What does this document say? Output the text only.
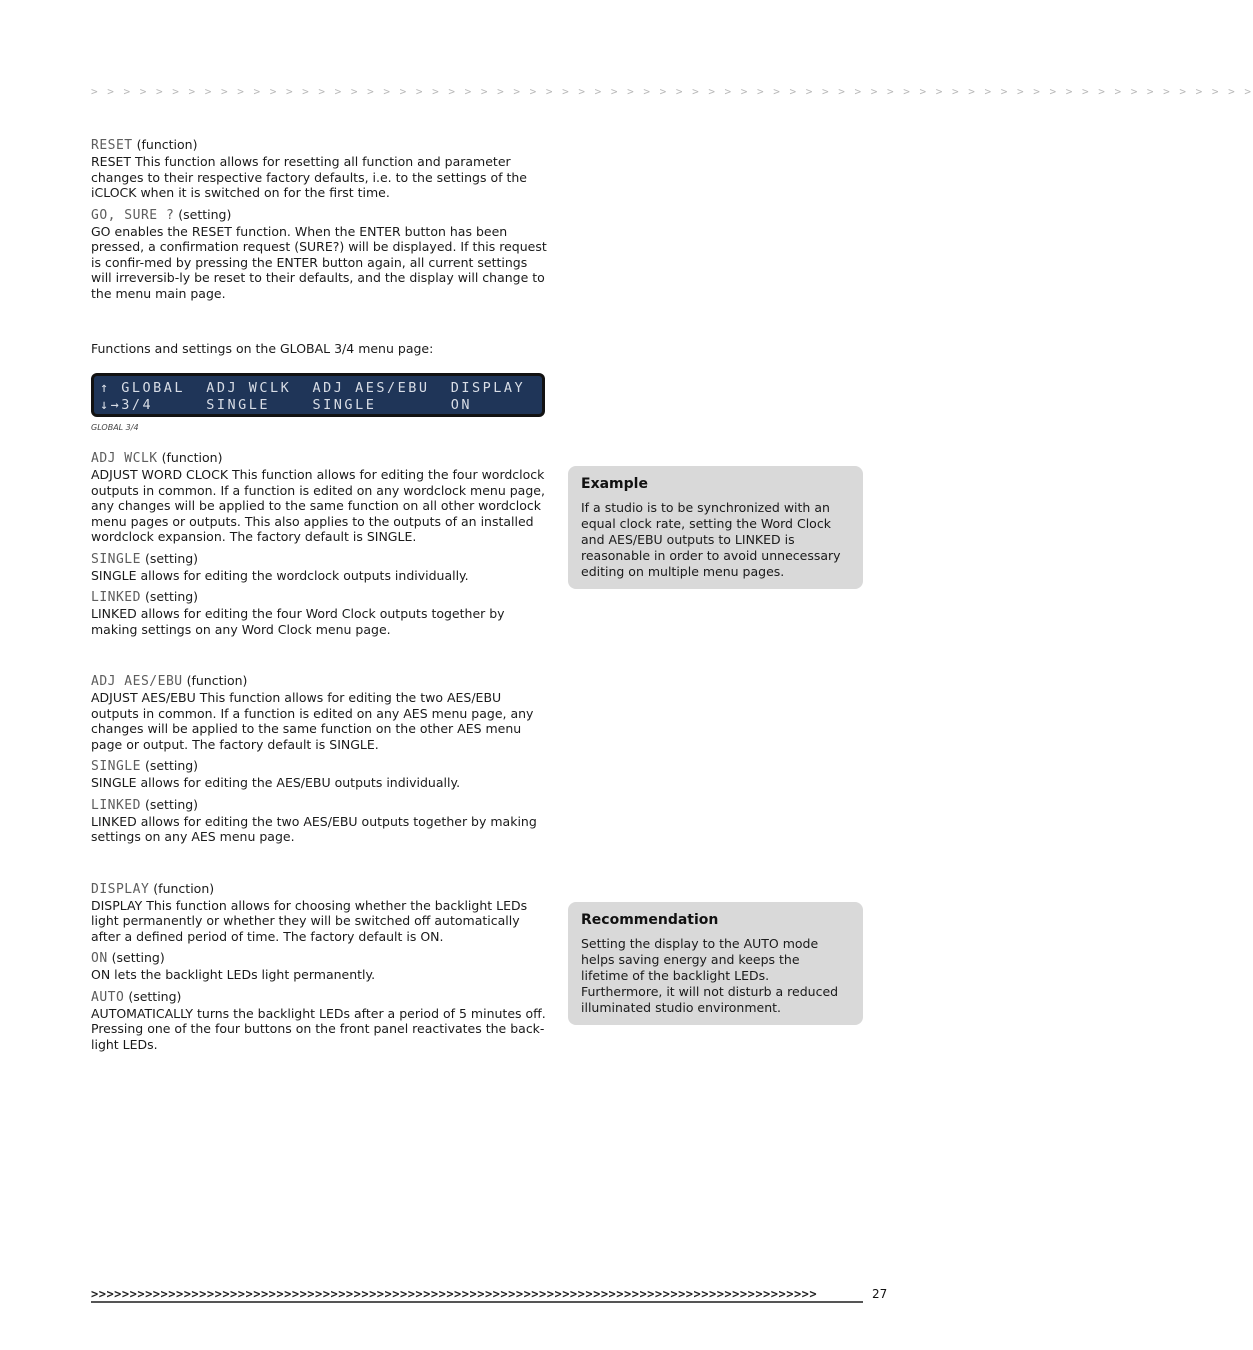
> > > > > > > > > > > > > > > > > > > > > > > > > > > > > > > > > > > > > > > > > > > > > > > > > > > > > > > > > > > > > > > > > > > > > > > >
RESET (function)

RESET This function allows for resetting all function and parameter changes to their respective factory defaults, i.e. to the settings of the iCLOCK when it is switched on for the first time.

GO, SURE ? (setting)

GO enables the RESET function. When the ENTER button has been pressed, a confirmation request (SURE?) will be displayed. If this request is confir-med by pressing the ENTER button again, all current settings will irreversib-ly be reset to their defaults, and the display will change to the menu main page.

Functions and settings on the GLOBAL 3/4 menu page:

↑ GLOBAL  ADJ WCLK  ADJ AES/EBU  DISPLAY
↓→3/4     SINGLE    SINGLE       ON
GLOBAL 3/4
ADJ WCLK (function)

ADJUST WORD CLOCK This function allows for editing the four wordclock outputs in common. If a function is edited on any wordclock menu page, any changes will be applied to the same function on all other wordclock menu pages or outputs. This also applies to the outputs of an installed wordclock expansion. The factory default is SINGLE.

SINGLE (setting)

SINGLE allows for editing the wordclock outputs individually.

LINKED (setting)

LINKED allows for editing the four Word Clock outputs together by making settings on any Word Clock menu page.

ADJ AES/EBU (function)

ADJUST AES/EBU This function allows for editing the two AES/EBU outputs in common. If a function is edited on any AES menu page, any changes will be applied to the same function on the other AES menu page or output. The factory default is SINGLE.

SINGLE (setting)

SINGLE allows for editing the AES/EBU outputs individually.

LINKED (setting)

LINKED allows for editing the two AES/EBU outputs together by making settings on any AES menu page.

DISPLAY (function)

DISPLAY This function allows for choosing whether the backlight LEDs light permanently or whether they will be switched off automatically after a defined period of time. The factory default is ON.

ON (setting)

ON lets the backlight LEDs light permanently.

AUTO (setting)

AUTOMATICALLY turns the backlight LEDs after a period of 5 minutes off. Pressing one of the four buttons on the front panel reactivates the back-light LEDs.

Example

If a studio is to be synchronized with an equal clock rate, setting the Word Clock and AES/EBU outputs to LINKED is reasonable in order to avoid unnecessary editing on multiple menu pages.

Recommendation

Setting the display to the AUTO mode helps saving energy and keeps the lifetime of the backlight LEDs.

Furthermore, it will not disturb a reduced illuminated studio environment.

>>>>>>>>>>>>>>>>>>>>>>>>>>>>>>>>>>>>>>>>>>>>>>>>>>>>>>>>>>>>>>>>>>>>>>>>>>>>>>>>>>>>>>>>>>>>>>	27
